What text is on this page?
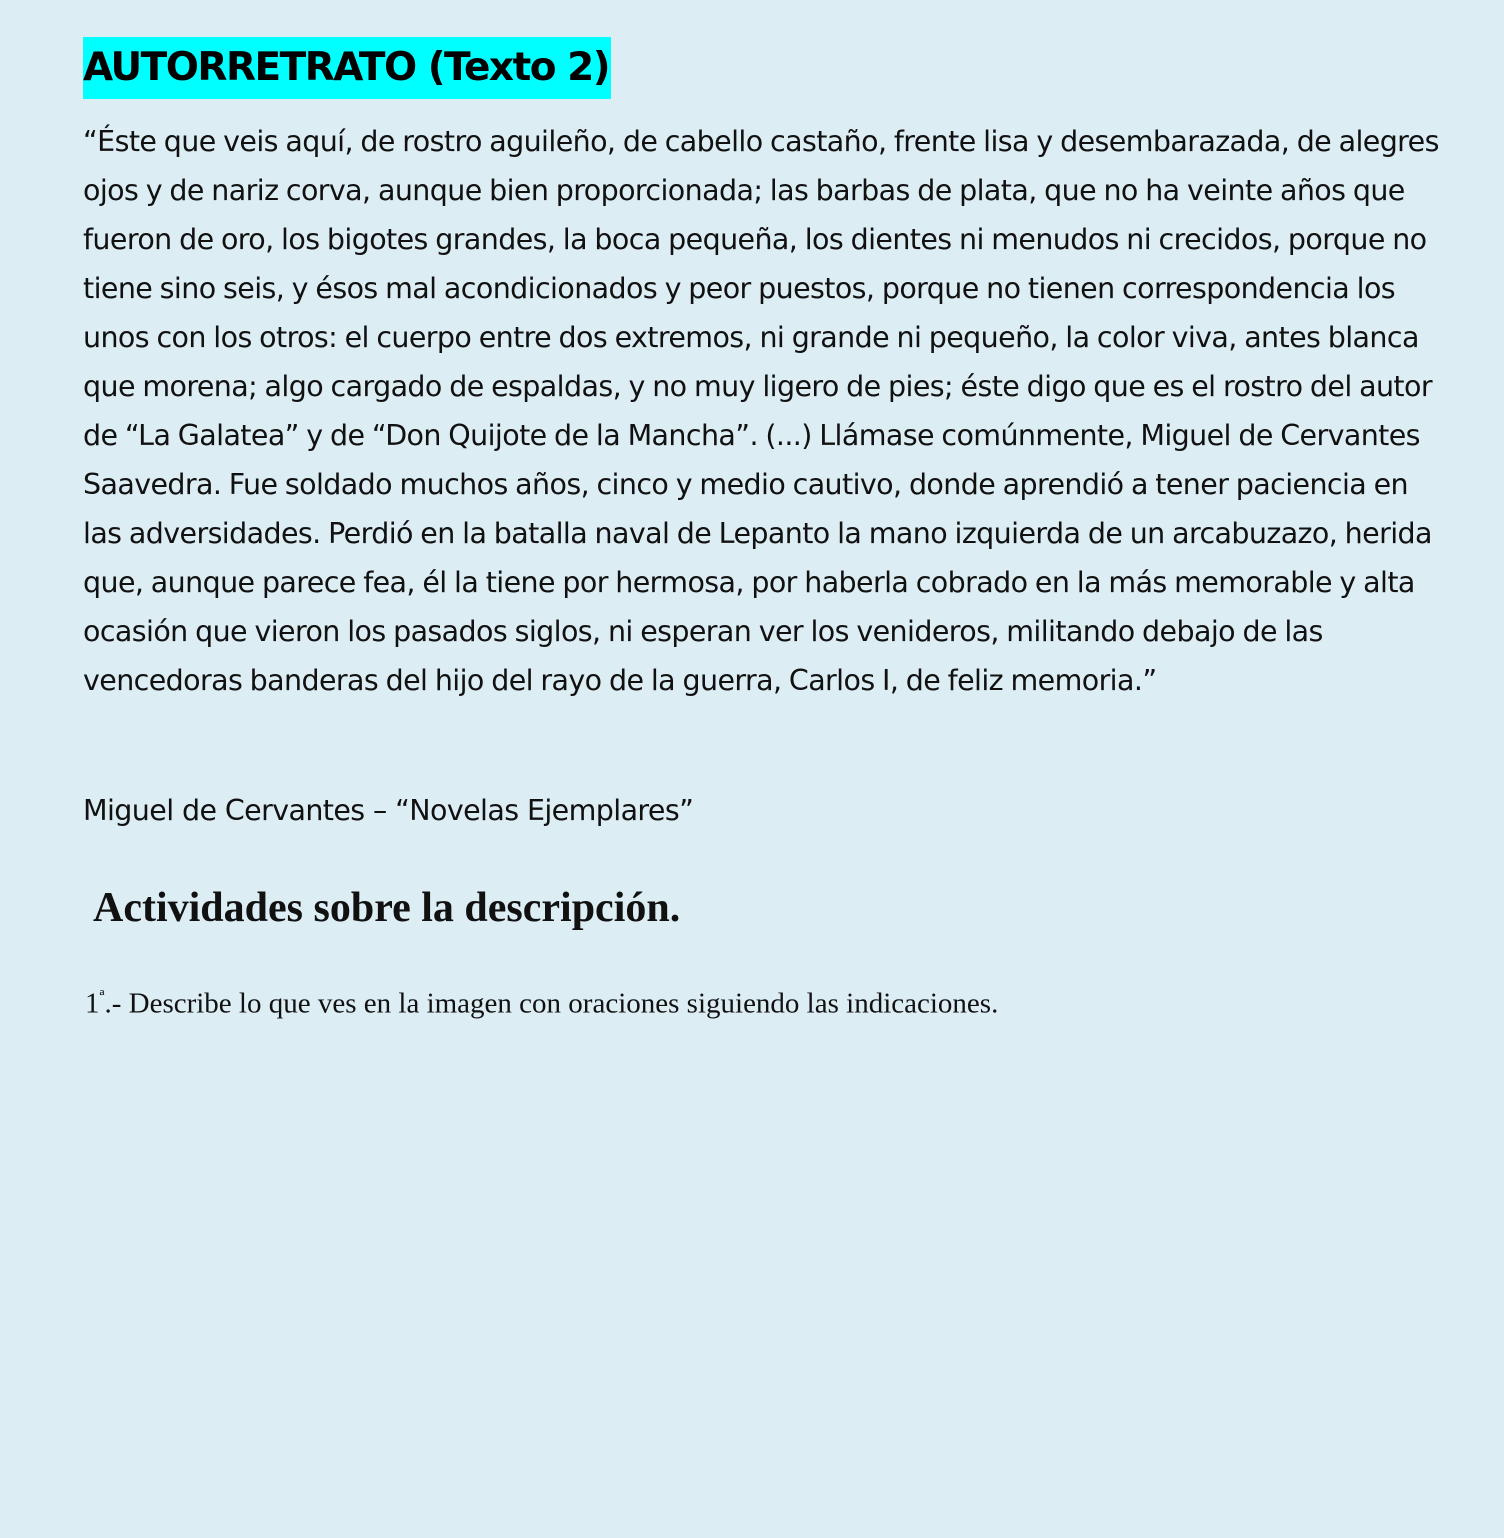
AUTORRETRATO (Texto 2)

“Éste que veis aquí, de rostro aguileño, de cabello castaño, frente lisa y desembarazada, de alegres ojos y de nariz corva, aunque bien proporcionada; las barbas de plata, que no ha veinte años que fueron de oro, los bigotes grandes, la boca pequeña, los dientes ni menudos ni crecidos, porque no tiene sino seis, y ésos mal acondicionados y peor puestos, porque no tienen correspondencia los unos con los otros: el cuerpo entre dos extremos, ni grande ni pequeño, la color viva, antes blanca que morena; algo cargado de espaldas, y no muy ligero de pies; éste digo que es el rostro del autor de “La Galatea” y de “Don Quijote de la Mancha”. (...) Llámase comúnmente, Miguel de Cervantes Saavedra. Fue soldado muchos años, cinco y medio cautivo, donde aprendió a tener paciencia en las adversidades. Perdió en la batalla naval de Lepanto la mano izquierda de un arcabuzazo, herida que, aunque parece fea, él la tiene por hermosa, por haberla cobrado en la más memorable y alta ocasión que vieron los pasados siglos, ni esperan ver los venideros, militando debajo de las vencedoras banderas del hijo del rayo de la guerra, Carlos I, de feliz memoria.”

Miguel de Cervantes – “Novelas Ejemplares”

Actividades sobre la descripción.

$1^ª.-$ Describe lo que ves en la imagen con oraciones siguiendo las indicaciones.
